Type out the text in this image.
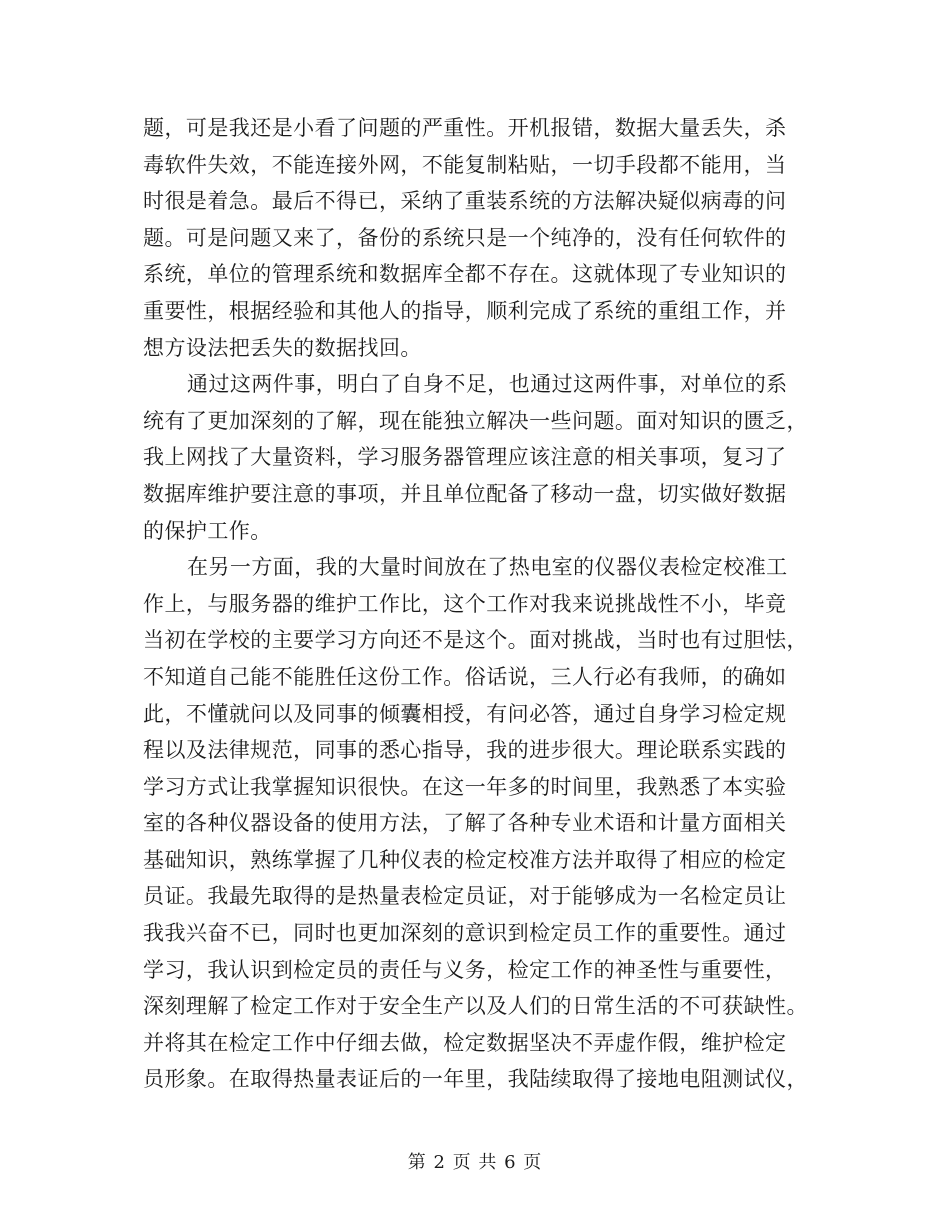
题，可是我还是小看了问题的严重性。开机报错，数据大量丢失，杀
毒软件失效，不能连接外网，不能复制粘贴，一切手段都不能用，当
时很是着急。最后不得已，采纳了重装系统的方法解决疑似病毒的问
题。可是问题又来了，备份的系统只是一个纯净的，没有任何软件的
系统，单位的管理系统和数据库全都不存在。这就体现了专业知识的
重要性，根据经验和其他人的指导，顺利完成了系统的重组工作，并
想方设法把丢失的数据找回。
通过这两件事，明白了自身不足，也通过这两件事，对单位的系
统有了更加深刻的了解，现在能独立解决一些问题。面对知识的匮乏，
我上网找了大量资料，学习服务器管理应该注意的相关事项，复习了
数据库维护要注意的事项，并且单位配备了移动一盘，切实做好数据
的保护工作。
在另一方面，我的大量时间放在了热电室的仪器仪表检定校准工
作上，与服务器的维护工作比，这个工作对我来说挑战性不小，毕竟
当初在学校的主要学习方向还不是这个。面对挑战，当时也有过胆怯，
不知道自己能不能胜任这份工作。俗话说，三人行必有我师，的确如
此，不懂就问以及同事的倾囊相授，有问必答，通过自身学习检定规
程以及法律规范，同事的悉心指导，我的进步很大。理论联系实践的
学习方式让我掌握知识很快。在这一年多的时间里，我熟悉了本实验
室的各种仪器设备的使用方法，了解了各种专业术语和计量方面相关
基础知识，熟练掌握了几种仪表的检定校准方法并取得了相应的检定
员证。我最先取得的是热量表检定员证，对于能够成为一名检定员让
我我兴奋不已，同时也更加深刻的意识到检定员工作的重要性。通过
学习，我认识到检定员的责任与义务，检定工作的神圣性与重要性，
深刻理解了检定工作对于安全生产以及人们的日常生活的不可获缺性。
并将其在检定工作中仔细去做，检定数据坚决不弄虚作假，维护检定
员形象。在取得热量表证后的一年里，我陆续取得了接地电阻测试仪，
第 2 页 共 6 页
